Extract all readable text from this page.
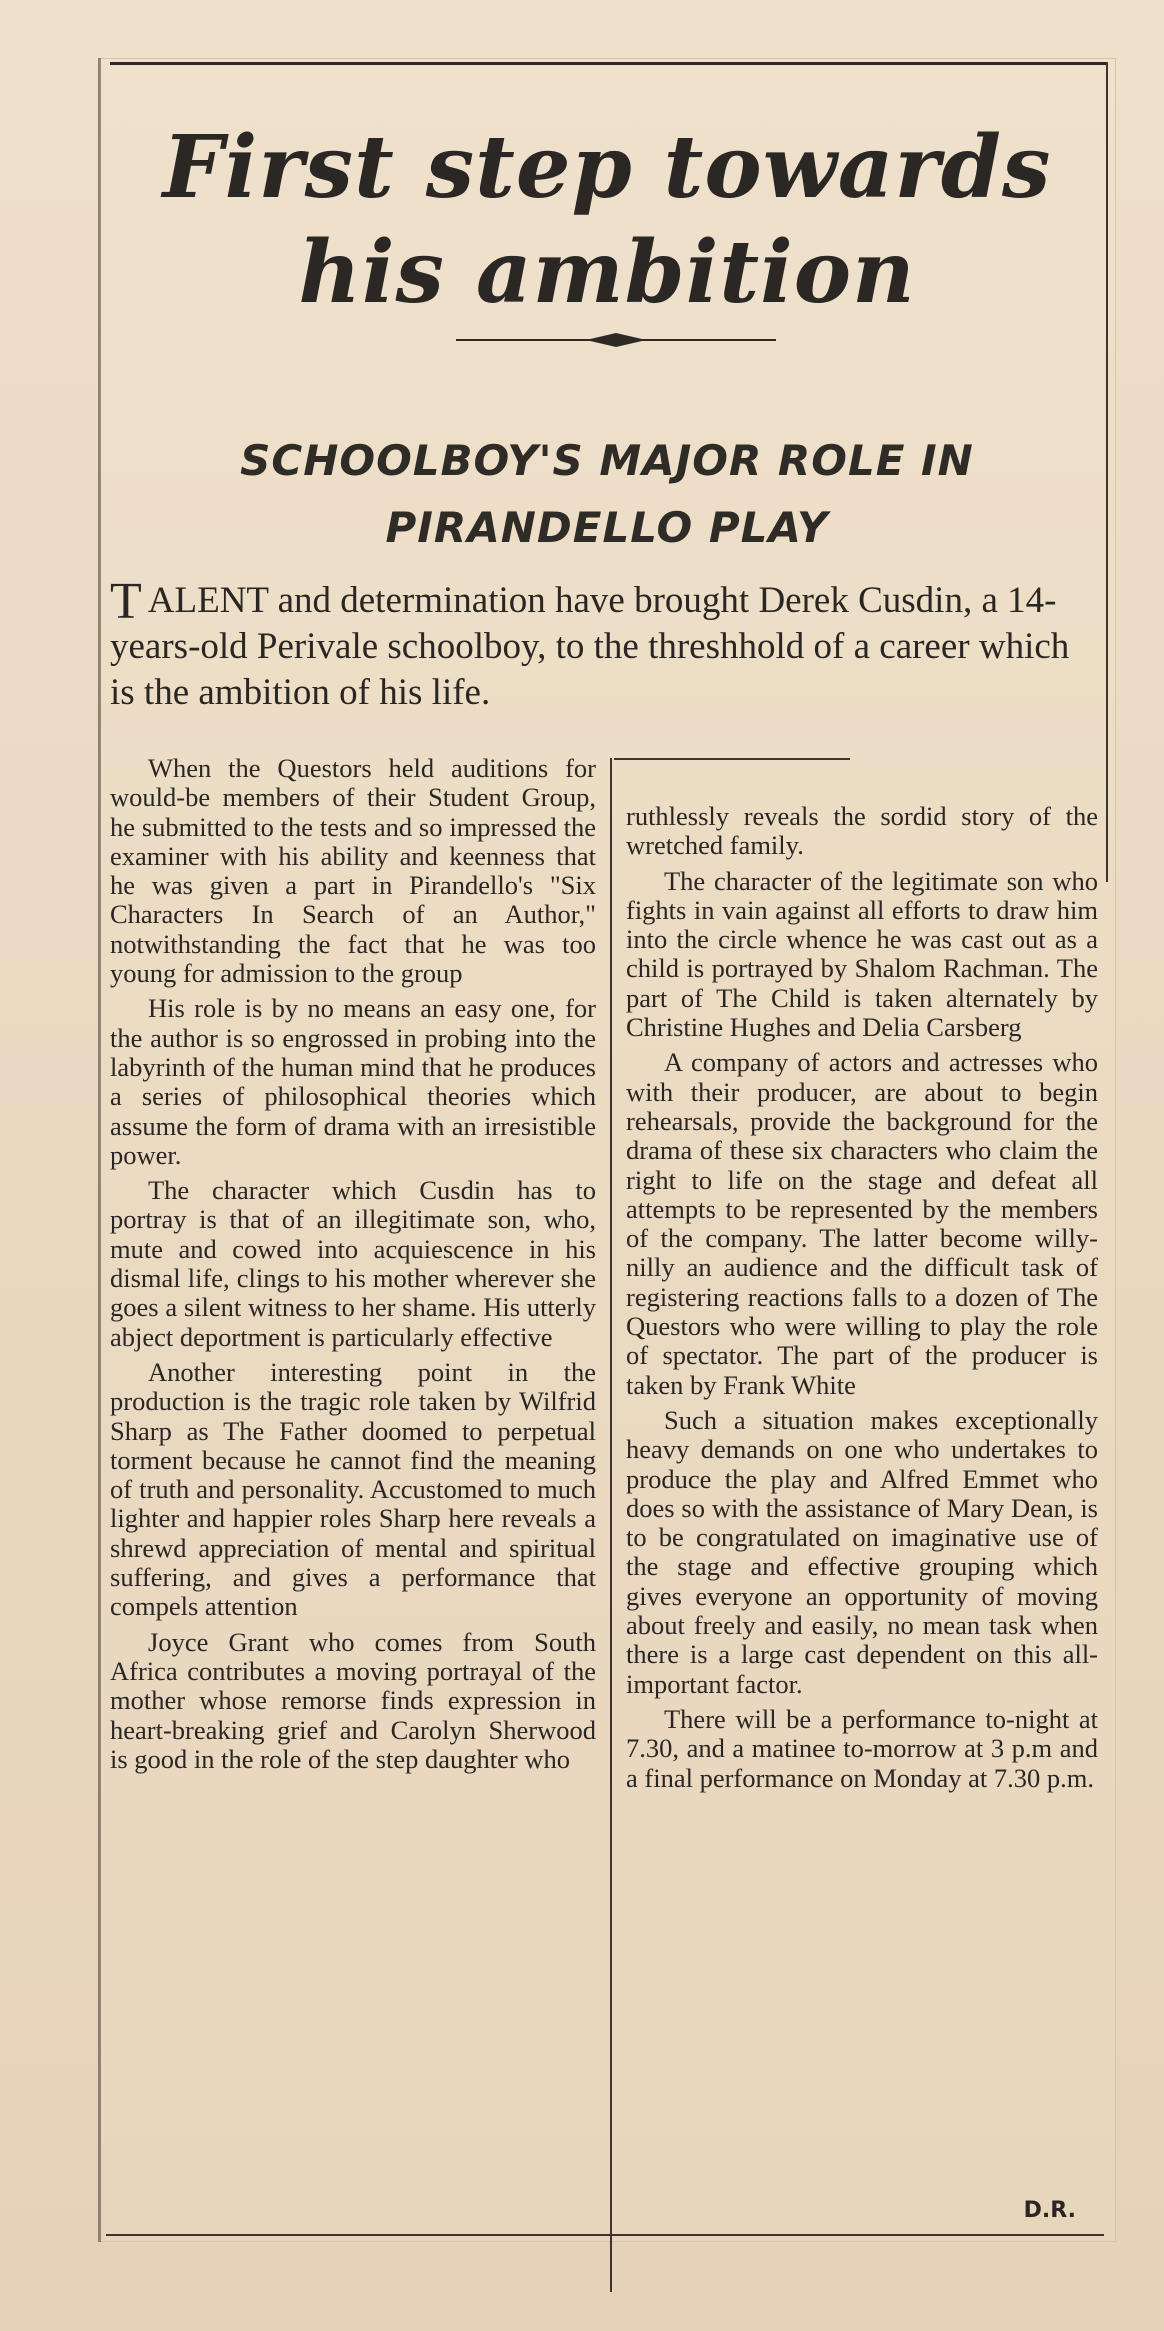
First step towards
his ambition
SCHOOLBOY'S MAJOR ROLE IN
PIRANDELLO PLAY

T ALENT and determination have brought Derek Cusdin, a 14-years-old Perivale schoolboy, to the threshhold of a career which is the ambition of his life.

When the Questors held auditions for would-be members of their Student Group, he submitted to the tests and so impressed the examiner with his ability and keenness that he was given a part in Pirandello's "Six Characters In Search of an Author," notwithstanding the fact that he was too young for admission to the group

His role is by no means an easy one, for the author is so engrossed in probing into the labyrinth of the human mind that he produces a series of philosophical theories which assume the form of drama with an irresistible power.

The character which Cusdin has to portray is that of an illegitimate son, who, mute and cowed into acquiescence in his dismal life, clings to his mother wherever she goes a silent witness to her shame. His utterly abject deportment is particularly effective

Another interesting point in the production is the tragic role taken by Wilfrid Sharp as The Father doomed to perpetual torment because he cannot find the meaning of truth and personality. Accustomed to much lighter and happier roles Sharp here reveals a shrewd appreciation of mental and spiritual suffering, and gives a performance that compels attention

Joyce Grant who comes from South Africa contributes a moving portrayal of the mother whose remorse finds expression in heart-breaking grief and Carolyn Sherwood is good in the role of the step daughter who

ruthlessly reveals the sordid story of the wretched family.

The character of the legitimate son who fights in vain against all efforts to draw him into the circle whence he was cast out as a child is portrayed by Shalom Rachman. The part of The Child is taken alternately by Christine Hughes and Delia Carsberg

A company of actors and actresses who with their producer, are about to begin rehearsals, provide the background for the drama of these six characters who claim the right to life on the stage and defeat all attempts to be represented by the members of the company. The latter become willy-nilly an audience and the difficult task of registering reactions falls to a dozen of The Questors who were willing to play the role of spectator. The part of the producer is taken by Frank White

Such a situation makes exceptionally heavy demands on one who undertakes to produce the play and Alfred Emmet who does so with the assistance of Mary Dean, is to be congratulated on imaginative use of the stage and effective grouping which gives everyone an opportunity of moving about freely and easily, no mean task when there is a large cast dependent on this all-important factor.

There will be a performance to-night at 7.30, and a matinee to-morrow at 3 p.m and a final performance on Monday at 7.30 p.m.

D.R.
